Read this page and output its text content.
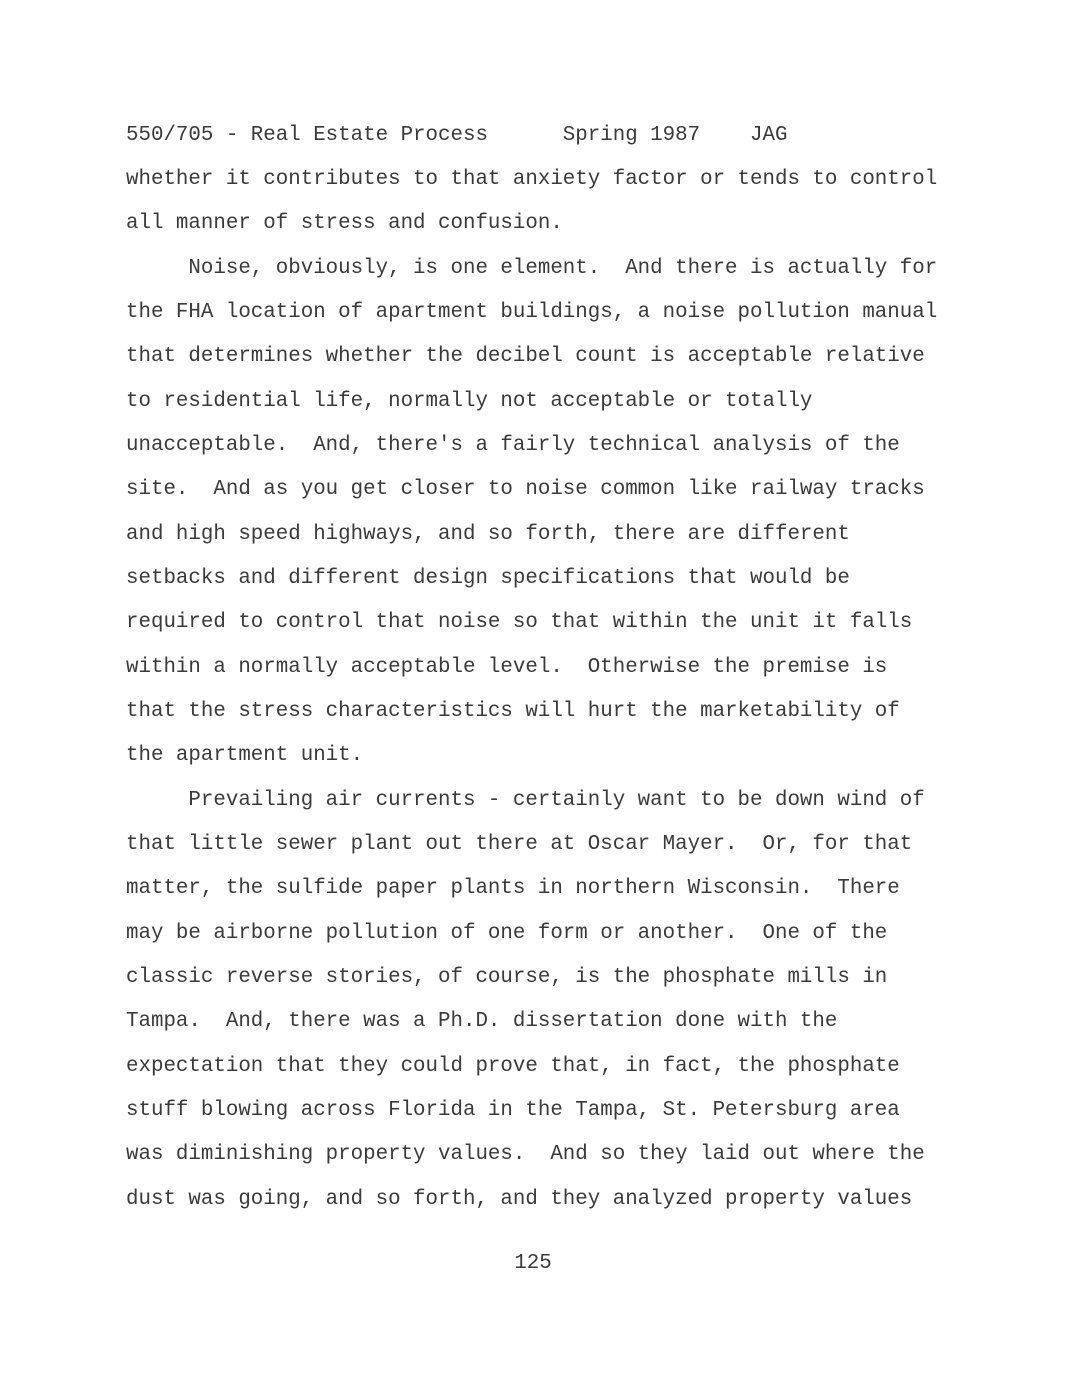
550/705 - Real Estate Process      Spring 1987    JAG
whether it contributes to that anxiety factor or tends to control
all manner of stress and confusion.
Noise, obviously, is one element.  And there is actually for
the FHA location of apartment buildings, a noise pollution manual
that determines whether the decibel count is acceptable relative
to residential life, normally not acceptable or totally
unacceptable.  And, there's a fairly technical analysis of the
site.  And as you get closer to noise common like railway tracks
and high speed highways, and so forth, there are different
setbacks and different design specifications that would be
required to control that noise so that within the unit it falls
within a normally acceptable level.  Otherwise the premise is
that the stress characteristics will hurt the marketability of
the apartment unit.
Prevailing air currents - certainly want to be down wind of
that little sewer plant out there at Oscar Mayer.  Or, for that
matter, the sulfide paper plants in northern Wisconsin.  There
may be airborne pollution of one form or another.  One of the
classic reverse stories, of course, is the phosphate mills in
Tampa.  And, there was a Ph.D. dissertation done with the
expectation that they could prove that, in fact, the phosphate
stuff blowing across Florida in the Tampa, St. Petersburg area
was diminishing property values.  And so they laid out where the
dust was going, and so forth, and they analyzed property values
125
